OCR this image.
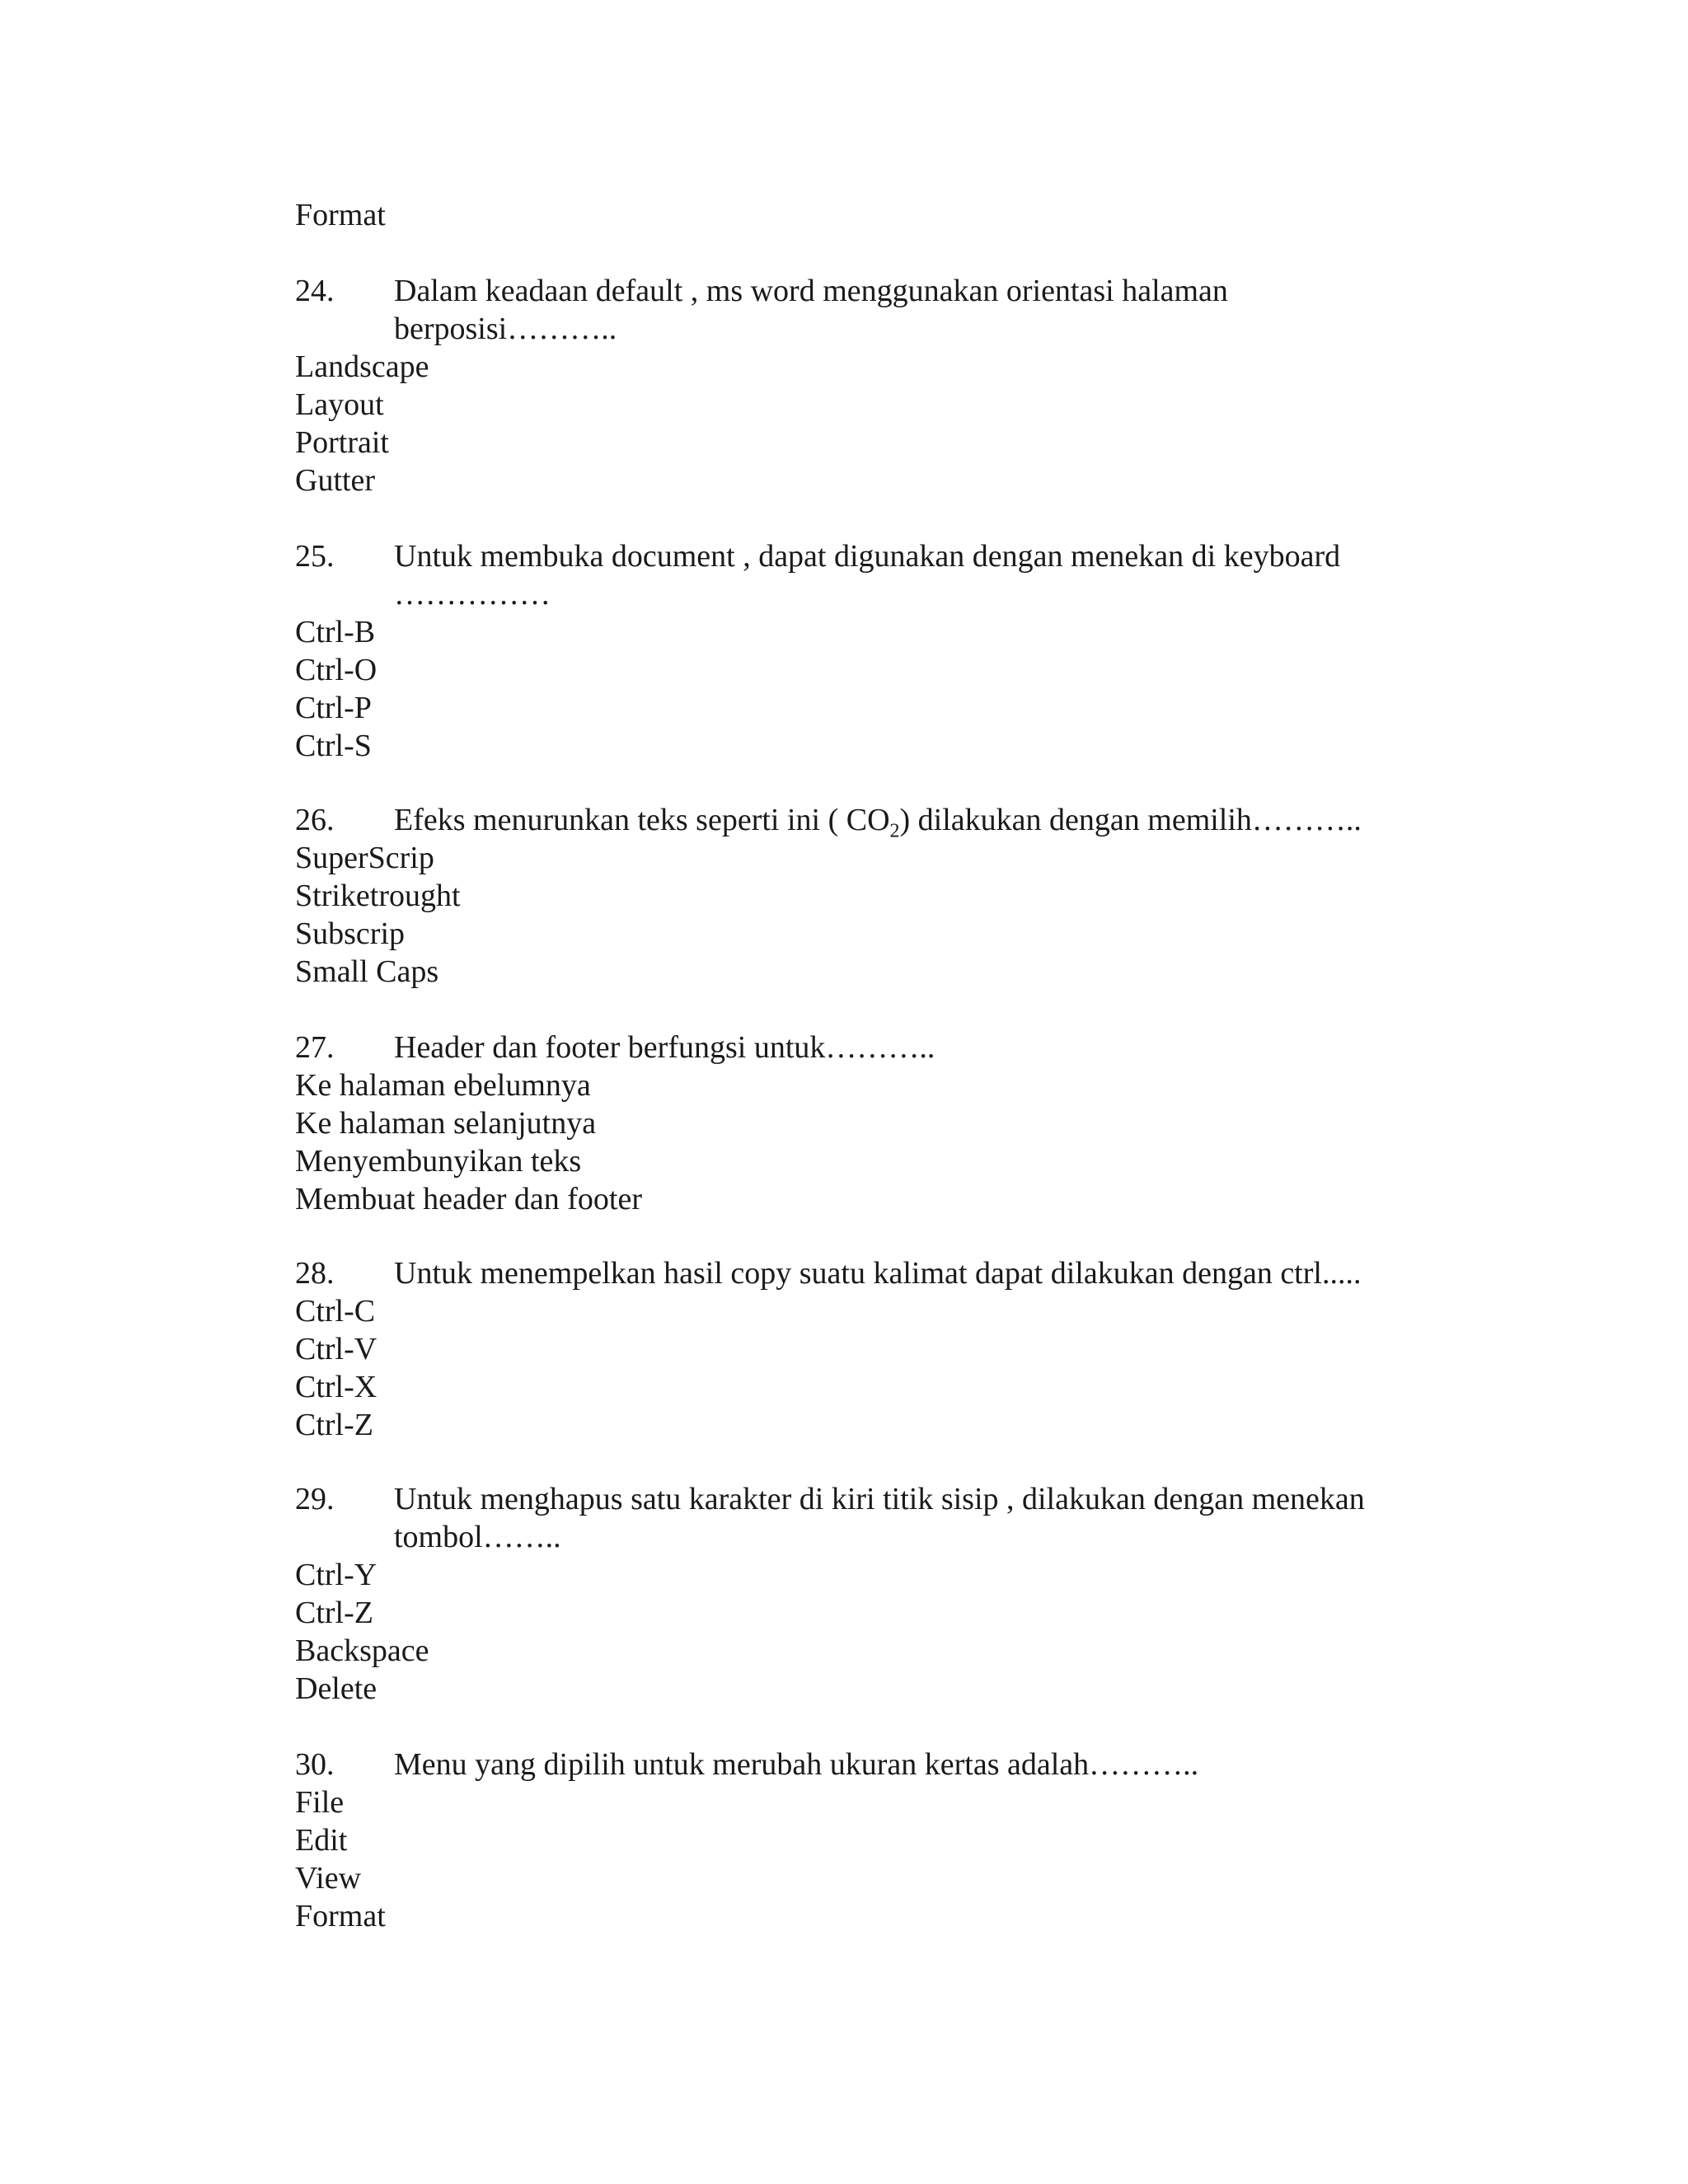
Format
24. Dalam keadaan default , ms word menggunakan orientasi halaman
berposisi………..
Landscape
Layout
Portrait
Gutter
25. Untuk membuka document , dapat digunakan dengan menekan di keyboard
……………
Ctrl-B
Ctrl-O
Ctrl-P
Ctrl-S
26. Efeks menurunkan teks seperti ini ( $CO_2$) dilakukan dengan memilih………..
SuperScrip
Striketrought
Subscrip
Small Caps
27. Header dan footer berfungsi untuk………..
Ke halaman ebelumnya
Ke halaman selanjutnya
Menyembunyikan teks
Membuat header dan footer
28. Untuk menempelkan hasil copy suatu kalimat dapat dilakukan dengan ctrl.....
Ctrl-C
Ctrl-V
Ctrl-X
Ctrl-Z
29. Untuk menghapus satu karakter di kiri titik sisip , dilakukan dengan menekan
tombol……..
Ctrl-Y
Ctrl-Z
Backspace
Delete
30. Menu yang dipilih untuk merubah ukuran kertas adalah………..
File
Edit
View
Format
